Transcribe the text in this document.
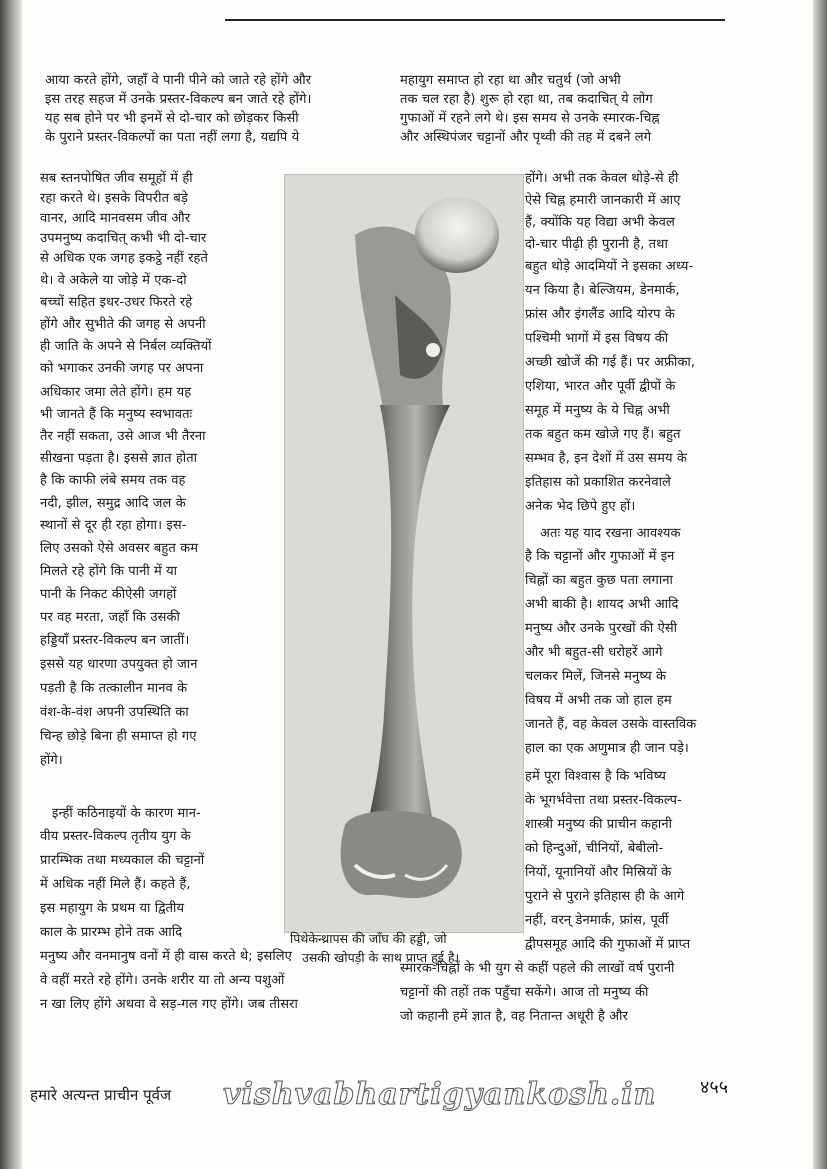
आया करते होंगे, जहाँ वे पानी पीने को जाते रहे होंगे और
इस तरह सहज में उनके प्रस्तर-विकल्प बन जाते रहे होंगे।
यह सब होने पर भी इनमें से दो-चार को छोड़कर किसी
के पुराने प्रस्तर-विकल्पों का पता नहीं लगा है, यद्यपि ये
सब स्तनपोषित जीव समूहों में ही
रहा करते थे। इसके विपरीत बड़े
वानर, आदि मानवसम जीव और
उपमनुष्य कदाचित् कभी भी दो-चार
से अधिक एक जगह इकट्ठे नहीं रहते
थे। वे अकेले या जोड़े में एक-दो
बच्चों सहित इधर-उधर फिरते रहे
होंगे और सुभीते की जगह से अपनी
ही जाति के अपने से निर्बल व्यक्तियों
को भगाकर उनकी जगह पर अपना
अधिकार जमा लेते होंगे। हम यह
भी जानते हैं कि मनुष्य स्वभावतः
तैर नहीं सकता, उसे आज भी तैरना
सीखना पड़ता है। इससे ज्ञात होता
है कि काफी लंबे समय तक वह
नदी, झील, समुद्र आदि जल के
स्थानों से दूर ही रहा होगा। इस-
लिए उसको ऐसे अवसर बहुत कम
मिलते रहे होंगे कि पानी में या
पानी के निकट कीऐसी जगहों
पर वह मरता, जहाँ कि उसकी
हड्डियाँ प्रस्तर-विकल्प बन जातीं।
इससे यह धारणा उपयुक्त हो जान
पड़ती है कि तत्कालीन मानव के
वंश-के-वंश अपनी उपस्थिति का
चिन्ह छोड़े बिना ही समाप्त हो गए
होंगे।
इन्हीं कठिनाइयों के कारण मान-
वीय प्रस्तर-विकल्प तृतीय युग के
प्रारम्भिक तथा मध्यकाल की चट्टानों
में अधिक नहीं मिले हैं। कहते हैं,
इस महायुग के प्रथम या द्वितीय
काल के प्रारम्भ होने तक आदि
मनुष्य और वनमानुष वनों में ही वास करते थे; इसलिए
वे वहीं मरते रहे होंगे। उनके शरीर या तो अन्य पशुओं
न खा लिए होंगे अथवा वे सड़-गल गए होंगे। जब तीसरा
महायुग समाप्त हो रहा था और चतुर्थ (जो अभी
तक चल रहा है) शुरू हो रहा था, तब कदाचित् ये लोग
गुफाओं में रहने लगे थे। इस समय से उनके स्मारक-चिह्न
और अस्थिपंजर चट्टानों और पृथ्वी की तह में दबने लगे
होंगे। अभी तक केवल थोड़े-से ही
ऐसे चिह्न हमारी जानकारी में आए
हैं, क्योंकि यह विद्या अभी केवल
दो-चार पीढ़ी ही पुरानी है, तथा
बहुत थोड़े आदमियों ने इसका अध्य-
यन किया है। बेल्जियम, डेनमार्क,
फ्रांस और इंगलैंड आदि योरप के
पश्चिमी भागों में इस विषय की
अच्छी खोजें की गई हैं। पर अफ्रीका,
एशिया, भारत और पूर्वी द्वीपों के
समूह में मनुष्य के ये चिह्न अभी
तक बहुत कम खोजे गए हैं। बहुत
सम्भव है, इन देशों में उस समय के
इतिहास को प्रकाशित करनेवाले
अनेक भेद छिपे हुए हों।
अतः यह याद रखना आवश्यक
है कि चट्टानों और गुफाओं में इन
चिह्नों का बहुत कुछ पता लगाना
अभी बाकी है। शायद अभी आदि
मनुष्य और उनके पुरखों की ऐसी
और भी बहुत-सी धरोहरें आगे
चलकर मिलें, जिनसे मनुष्य के
विषय में अभी तक जो हाल हम
जानते हैं, वह केवल उसके वास्तविक
हाल का एक अणुमात्र ही जान पड़े।
हमें पूरा विश्वास है कि भविष्य
के भूगर्भवेत्ता तथा प्रस्तर-विकल्प-
शास्त्री मनुष्य की प्राचीन कहानी
को हिन्दुओं, चीनियों, बेबीलो-
नियों, यूनानियों और मिस्रियों के
पुराने से पुराने इतिहास ही के आगे
नहीं, वरन् डेनमार्क, फ्रांस, पूर्वी
द्वीपसमूह आदि की गुफाओं में प्राप्त
स्मारक-चिह्नों के भी युग से कहीं पहले की लाखों वर्ष पुरानी
चट्टानों की तहों तक पहुँचा सकेंगे। आज तो मनुष्य की
जो कहानी हमें ज्ञात है, वह नितान्त अधूरी है और
पिथेकेन्थ्रापस की जाँघ की हड्डी, जो
उसकी खोपड़ी के साथ प्राप्त हुई है।
हमारे अत्यन्त प्राचीन पूर्वज vishvabhartigyankosh.in ४५५
